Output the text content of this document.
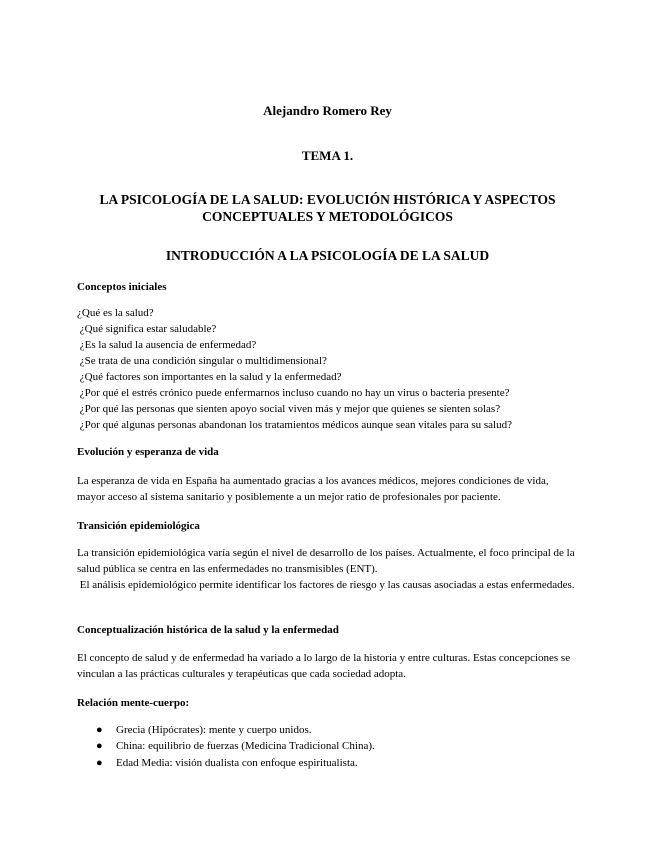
Alejandro Romero Rey
TEMA 1.
LA PSICOLOGÍA DE LA SALUD: EVOLUCIÓN HISTÓRICA Y ASPECTOS CONCEPTUALES Y METODOLÓGICOS
INTRODUCCIÓN A LA PSICOLOGÍA DE LA SALUD
Conceptos iniciales
¿Qué es la salud?
¿Qué significa estar saludable?
¿Es la salud la ausencia de enfermedad?
¿Se trata de una condición singular o multidimensional?
¿Qué factores son importantes en la salud y la enfermedad?
¿Por qué el estrés crónico puede enfermarnos incluso cuando no hay un virus o bacteria presente?
¿Por qué las personas que sienten apoyo social viven más y mejor que quienes se sienten solas?
¿Por qué algunas personas abandonan los tratamientos médicos aunque sean vitales para su salud?
Evolución y esperanza de vida
La esperanza de vida en España ha aumentado gracias a los avances médicos, mejores condiciones de vida, mayor acceso al sistema sanitario y posiblemente a un mejor ratio de profesionales por paciente.
Transición epidemiológica
La transición epidemiológica varía según el nivel de desarrollo de los países. Actualmente, el foco principal de la salud pública se centra en las enfermedades no transmisibles (ENT).
El análisis epidemiológico permite identificar los factores de riesgo y las causas asociadas a estas enfermedades.
Conceptualización histórica de la salud y la enfermedad
El concepto de salud y de enfermedad ha variado a lo largo de la historia y entre culturas. Estas concepciones se vinculan a las prácticas culturales y terapéuticas que cada sociedad adopta.
Relación mente-cuerpo:
● Grecia (Hipócrates): mente y cuerpo unidos.
● China: equilibrio de fuerzas (Medicina Tradicional China).
● Edad Media: visión dualista con enfoque espiritualista.
